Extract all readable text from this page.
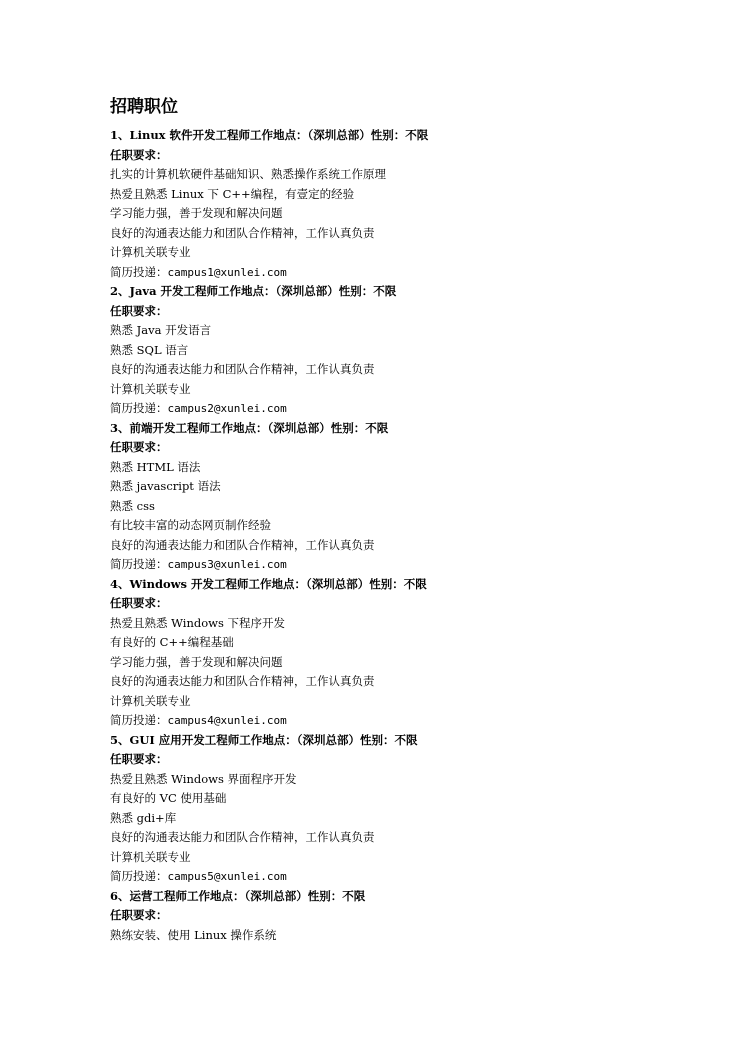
招聘职位
1、Linux 软件开发工程师工作地点：（深圳总部）性别：不限
任职要求：
扎实的计算机软硬件基础知识、熟悉操作系统工作原理
热爱且熟悉 Linux 下 C++编程，有壹定的经验
学习能力强，善于发现和解决问题
良好的沟通表达能力和团队合作精神，工作认真负责
计算机关联专业
简历投递：campus1@xunlei.com
2、Java 开发工程师工作地点：（深圳总部）性别：不限
任职要求：
熟悉 Java 开发语言
熟悉 SQL 语言
良好的沟通表达能力和团队合作精神，工作认真负责
计算机关联专业
简历投递：campus2@xunlei.com
3、前端开发工程师工作地点：（深圳总部）性别：不限
任职要求：
熟悉 HTML 语法
熟悉 javascript 语法
熟悉 css
有比较丰富的动态网页制作经验
良好的沟通表达能力和团队合作精神，工作认真负责
简历投递：campus3@xunlei.com
4、Windows 开发工程师工作地点：（深圳总部）性别：不限
任职要求：
热爱且熟悉 Windows 下程序开发
有良好的 C++编程基础
学习能力强，善于发现和解决问题
良好的沟通表达能力和团队合作精神，工作认真负责
计算机关联专业
简历投递：campus4@xunlei.com
5、GUI 应用开发工程师工作地点：（深圳总部）性别：不限
任职要求：
热爱且熟悉 Windows 界面程序开发
有良好的 VC 使用基础
熟悉 gdi+库
良好的沟通表达能力和团队合作精神，工作认真负责
计算机关联专业
简历投递：campus5@xunlei.com
6、运营工程师工作地点：（深圳总部）性别：不限
任职要求：
熟练安装、使用 Linux 操作系统
